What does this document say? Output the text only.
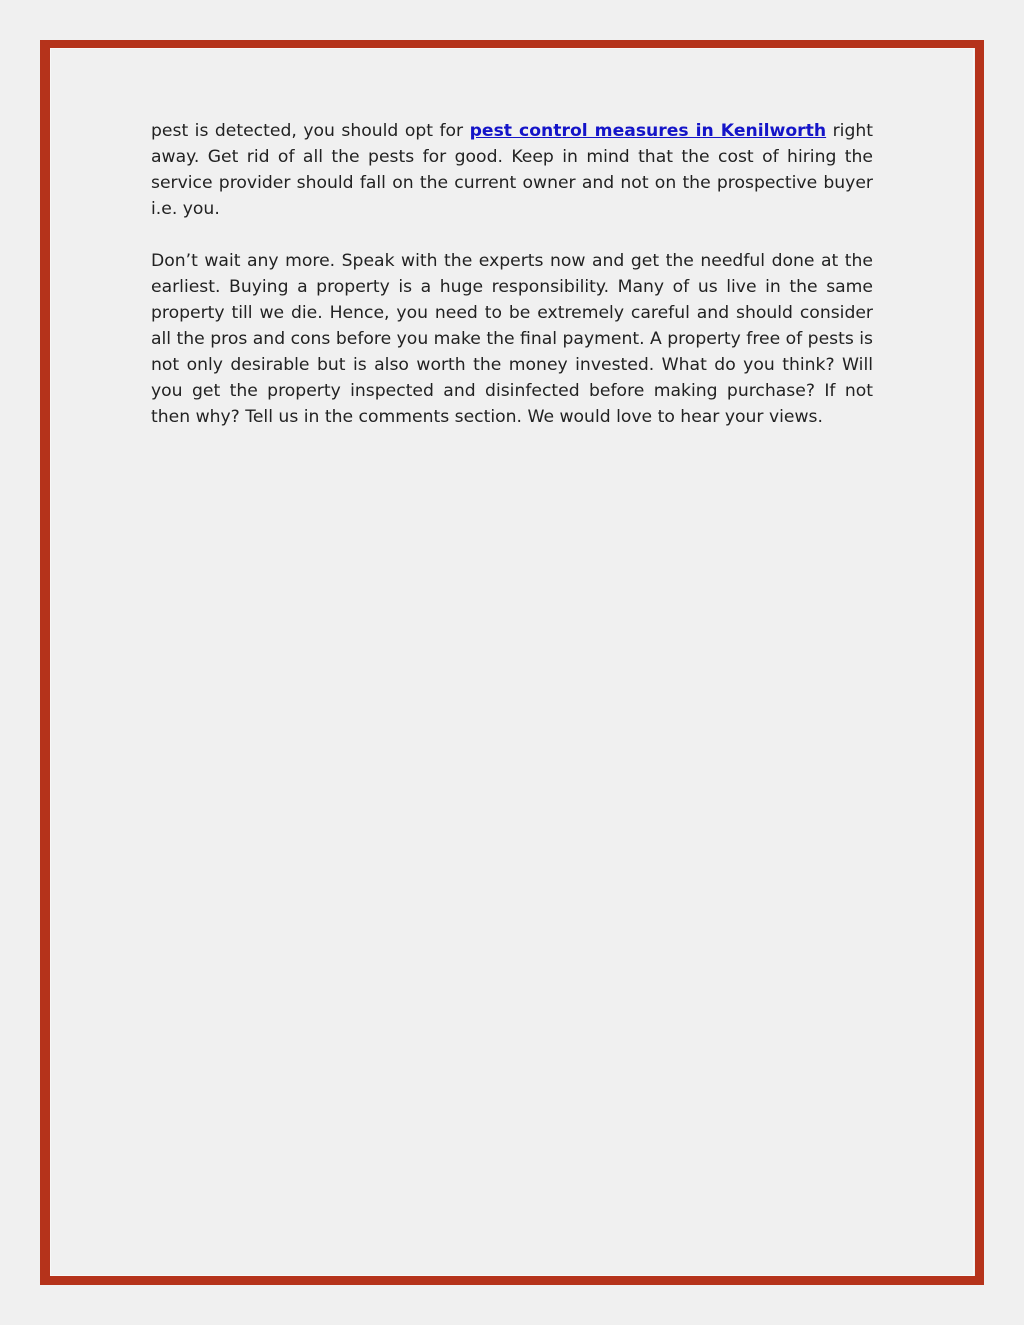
pest is detected, you should opt for pest control measures in Kenilworth right away. Get rid of all the pests for good. Keep in mind that the cost of hiring the service provider should fall on the current owner and not on the prospective buyer i.e. you.

Don’t wait any more. Speak with the experts now and get the needful done at the earliest. Buying a property is a huge responsibility. Many of us live in the same property till we die. Hence, you need to be extremely careful and should consider all the pros and cons before you make the final payment. A property free of pests is not only desirable but is also worth the money invested. What do you think? Will you get the property inspected and disinfected before making purchase? If not then why? Tell us in the comments section. We would love to hear your views.
